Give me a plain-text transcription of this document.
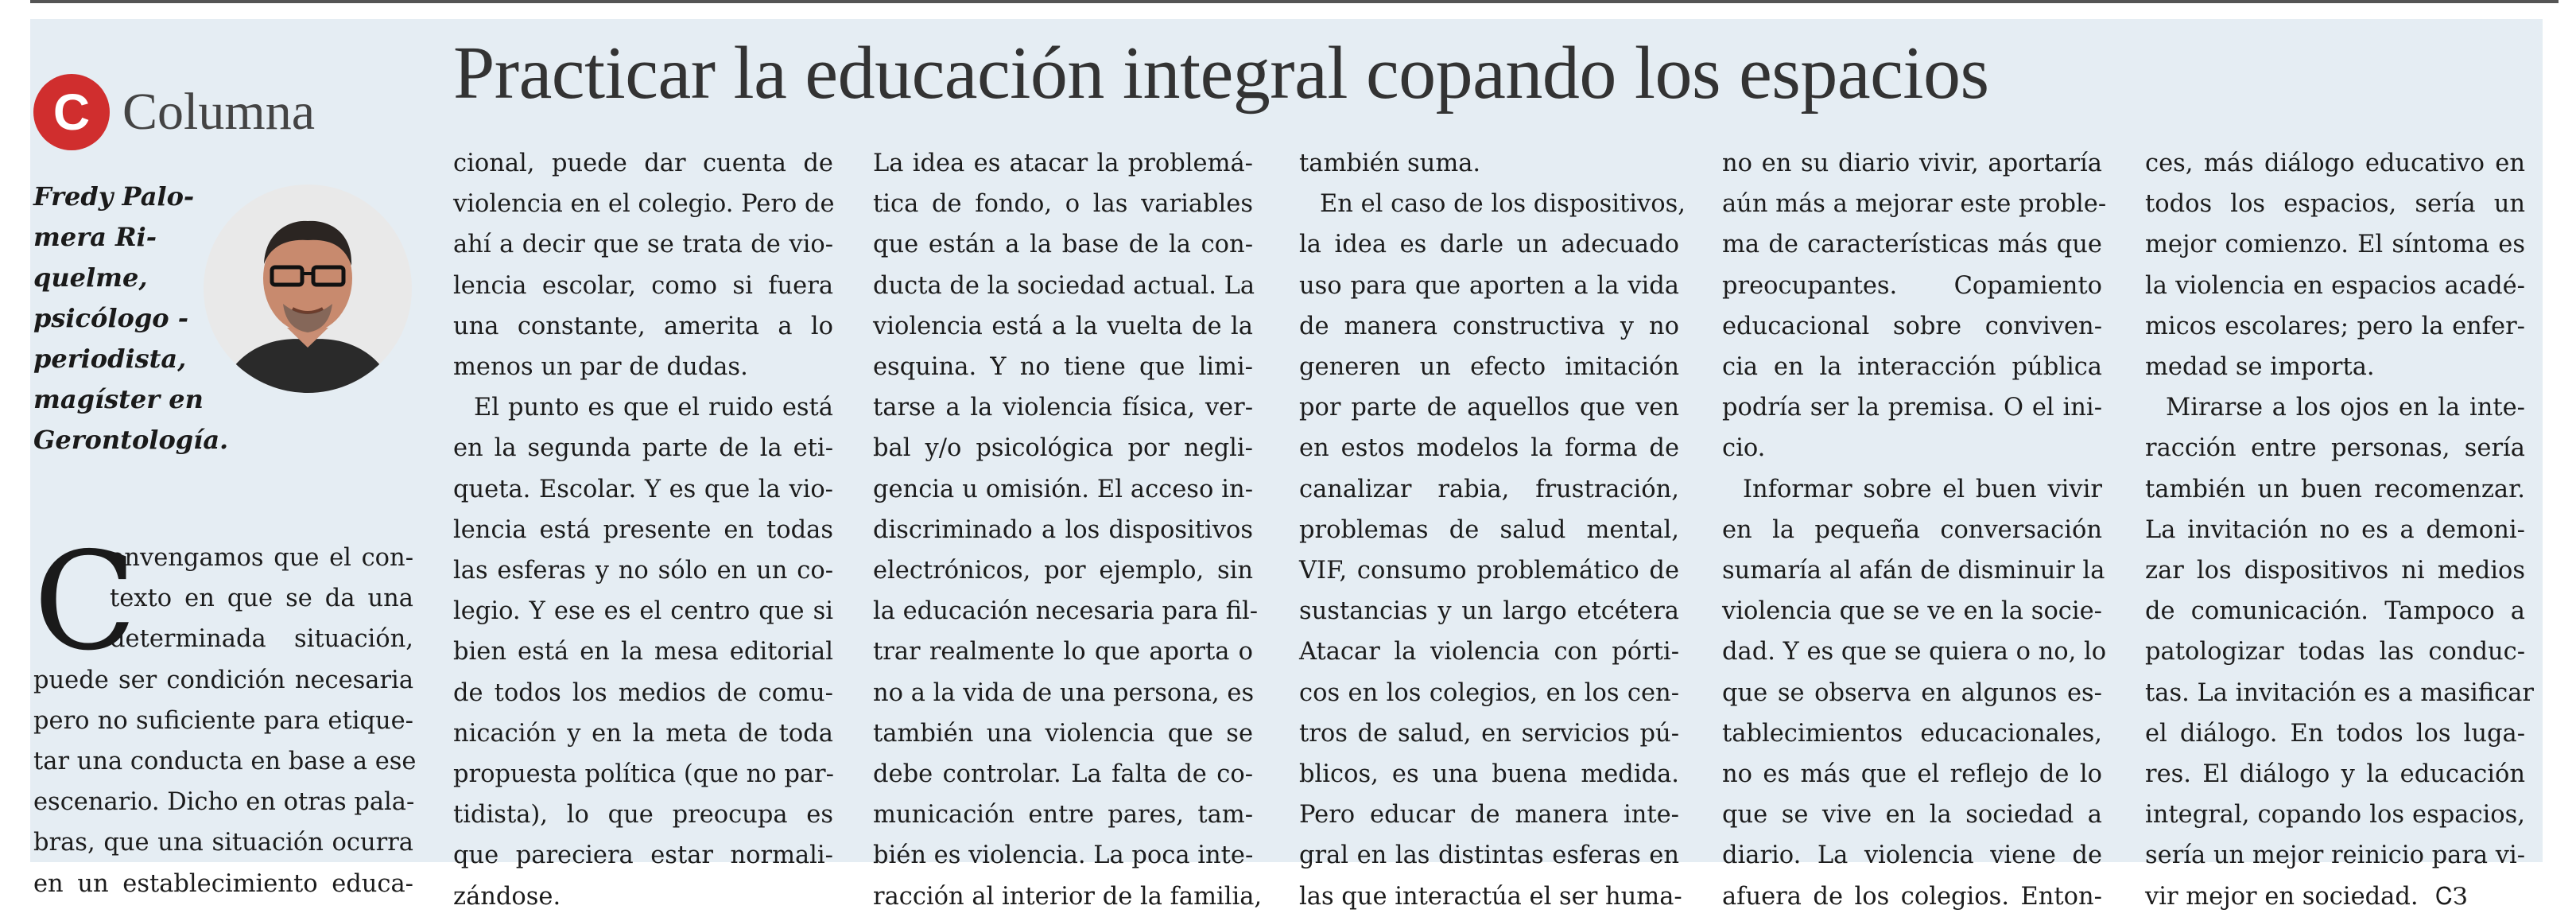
C Columna Practicar la educación integral copando los espacios
Fredy Palo-
mera Ri-
quelme,
psicólogo -
periodista,
magíster en
Gerontología.
onvengamos que el con-
texto en que se da una
determinada situación,
puede ser condición necesaria
pero no suficiente para etique-
tar una conducta en base a ese
escenario. Dicho en otras pala-
bras, que una situación ocurra
en un establecimiento educa-
C
cional, puede dar cuenta de
violencia en el colegio. Pero de
ahí a decir que se trata de vio-
lencia escolar, como si fuera
una constante, amerita a lo
menos un par de dudas.
El punto es que el ruido está
en la segunda parte de la eti-
queta. Escolar. Y es que la vio-
lencia está presente en todas
las esferas y no sólo en un co-
legio. Y ese es el centro que si
bien está en la mesa editorial
de todos los medios de comu-
nicación y en la meta de toda
propuesta política (que no par-
tidista), lo que preocupa es
que pareciera estar normali-
zándose.
La idea es atacar la problemá-
tica de fondo, o las variables
que están a la base de la con-
ducta de la sociedad actual. La
violencia está a la vuelta de la
esquina. Y no tiene que limi-
tarse a la violencia física, ver-
bal y/o psicológica por negli-
gencia u omisión. El acceso in-
discriminado a los dispositivos
electrónicos, por ejemplo, sin
la educación necesaria para fil-
trar realmente lo que aporta o
no a la vida de una persona, es
también una violencia que se
debe controlar. La falta de co-
municación entre pares, tam-
bién es violencia. La poca inte-
racción al interior de la familia,
también suma.
En el caso de los dispositivos,
la idea es darle un adecuado
uso para que aporten a la vida
de manera constructiva y no
generen un efecto imitación
por parte de aquellos que ven
en estos modelos la forma de
canalizar rabia, frustración,
problemas de salud mental,
VIF, consumo problemático de
sustancias y un largo etcétera
Atacar la violencia con pórti-
cos en los colegios, en los cen-
tros de salud, en servicios pú-
blicos, es una buena medida.
Pero educar de manera inte-
gral en las distintas esferas en
las que interactúa el ser huma-
no en su diario vivir, aportaría
aún más a mejorar este proble-
ma de características más que
preocupantes. Copamiento
educacional sobre conviven-
cia en la interacción pública
podría ser la premisa. O el ini-
cio.
Informar sobre el buen vivir
en la pequeña conversación
sumaría al afán de disminuir la
violencia que se ve en la socie-
dad. Y es que se quiera o no, lo
que se observa en algunos es-
tablecimientos educacionales,
no es más que el reflejo de lo
que se vive en la sociedad a
diario. La violencia viene de
afuera de los colegios. Enton-
ces, más diálogo educativo en
todos los espacios, sería un
mejor comienzo. El síntoma es
la violencia en espacios acadé-
micos escolares; pero la enfer-
medad se importa.
Mirarse a los ojos en la inte-
racción entre personas, sería
también un buen recomenzar.
La invitación no es a demoni-
zar los dispositivos ni medios
de comunicación. Tampoco a
patologizar todas las conduc-
tas. La invitación es a masificar
el diálogo. En todos los luga-
res. El diálogo y la educación
integral, copando los espacios,
sería un mejor reinicio para vi-
vir mejor en sociedad. ᏟЗ
